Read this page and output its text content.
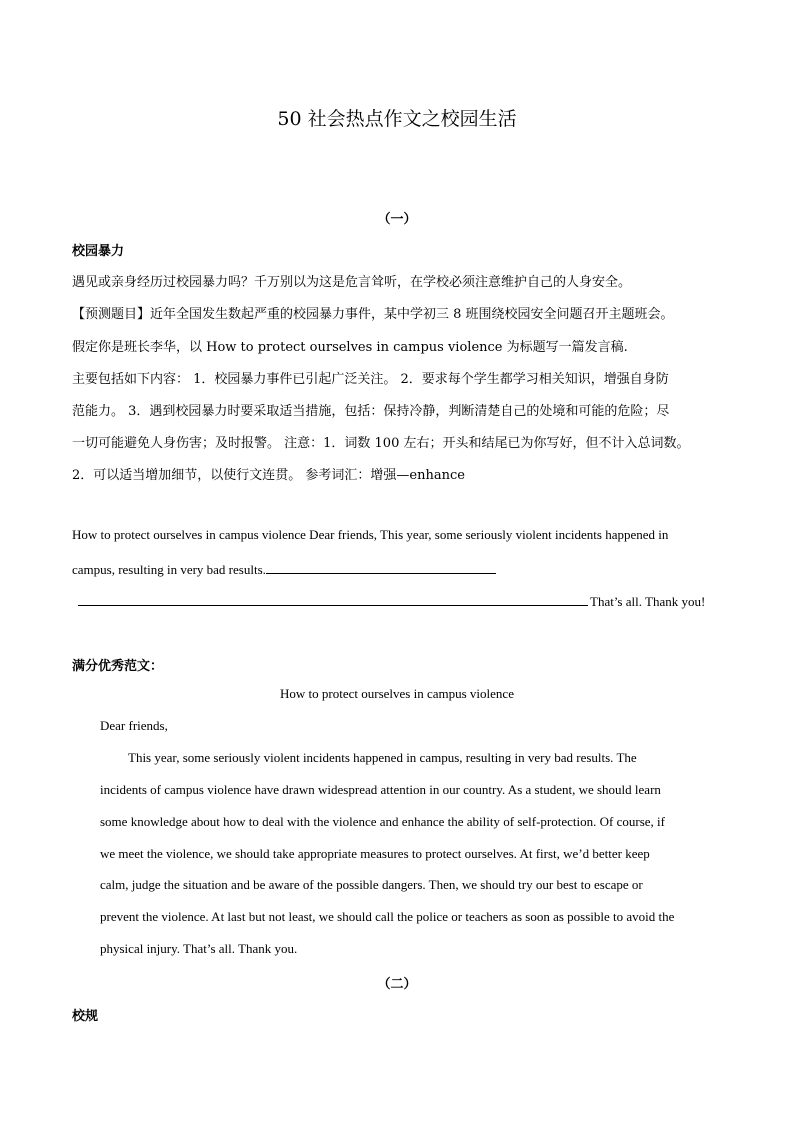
50 社会热点作文之校园生活
（一）
校园暴力
遇见或亲身经历过校园暴力吗？千万别以为这是危言耸听，在学校必须注意维护自己的人身安全。
【预测题目】近年全国发生数起严重的校园暴力事件，某中学初三 8 班围绕校园安全问题召开主题班会。
假定你是班长李华，以 How to protect ourselves in campus violence 为标题写一篇发言稿.
主要包括如下内容： 1．校园暴力事件已引起广泛关注。 2．要求每个学生都学习相关知识，增强自身防
范能力。 3．遇到校园暴力时要采取适当措施，包括：保持冷静，判断清楚自己的处境和可能的危险；尽
一切可能避免人身伤害；及时报警。 注意：1．词数 100 左右；开头和结尾已为你写好，但不计入总词数。
2．可以适当增加细节，以使行文连贯。 参考词汇：增强—enhance
How to protect ourselves in campus violence Dear friends, This year, some seriously violent incidents happened in
campus, resulting in very bad results.
That’s all. Thank you!
满分优秀范文：
How to protect ourselves in campus violence
Dear friends,
This year, some seriously violent incidents happened in campus, resulting in very bad results. The
incidents of campus violence have drawn widespread attention in our country. As a student, we should learn
some knowledge about how to deal with the violence and enhance the ability of self-protection. Of course, if
we meet the violence, we should take appropriate measures to protect ourselves. At first, we’d better keep
calm, judge the situation and be aware of the possible dangers. Then, we should try our best to escape or
prevent the violence. At last but not least, we should call the police or teachers as soon as possible to avoid the
physical injury. That’s all. Thank you.
（二）
校规
